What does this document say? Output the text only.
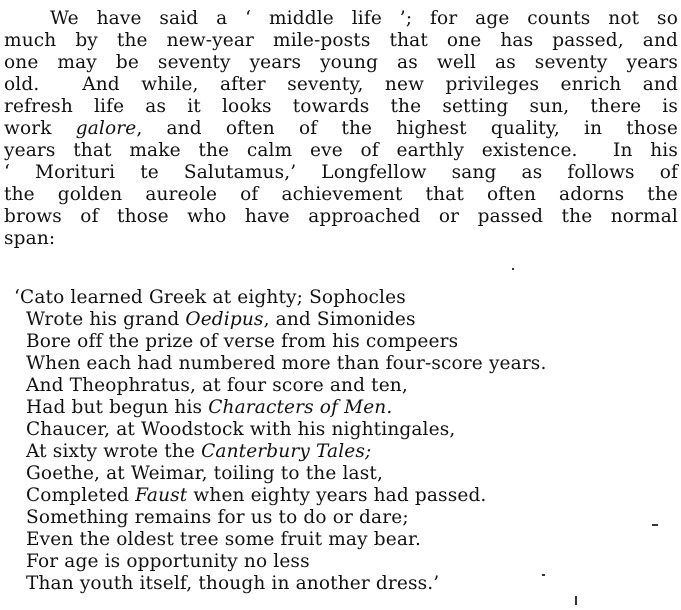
We have said a ‘ middle life ’; for age counts not so
much by the new-year mile-posts that one has passed, and
one may be seventy years young as well as seventy years
old.  And while, after seventy, new privileges enrich and
refresh life as it looks towards the setting sun, there is
work galore, and often of the highest quality, in those
years that make the calm eve of earthly existence.  In his
‘ Morituri te Salutamus,’ Longfellow sang as follows of
the golden aureole of achievement that often adorns the
brows of those who have approached or passed the normal
span:
‘Cato learned Greek at eighty; Sophocles
Wrote his grand Oedipus, and Simonides
Bore off the prize of verse from his compeers
When each had numbered more than four-score years.
And Theophratus, at four score and ten,
Had but begun his Characters of Men.
Chaucer, at Woodstock with his nightingales,
At sixty wrote the Canterbury Tales;
Goethe, at Weimar, toiling to the last,
Completed Faust when eighty years had passed.
Something remains for us to do or dare;
Even the oldest tree some fruit may bear.
For age is opportunity no less
Than youth itself, though in another dress.’
